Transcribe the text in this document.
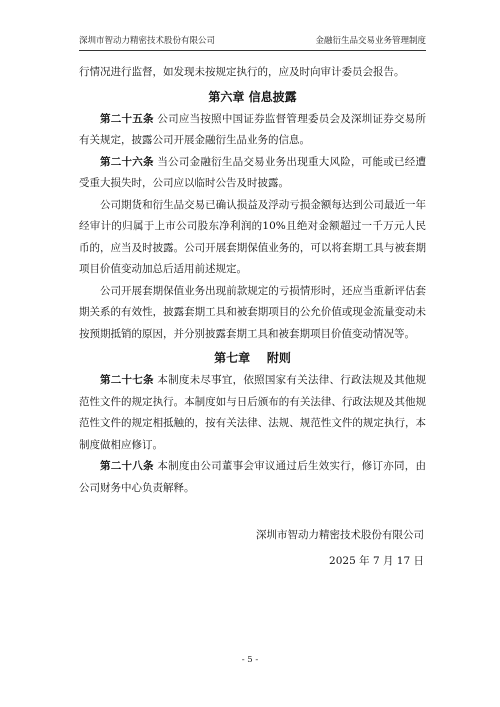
深圳市智动力精密技术股份有限公司	金融衍生品交易业务管理制度

行情况进行监督，如发现未按规定执行的，应及时向审计委员会报告。

第六章 信息披露

第二十五条 公司应当按照中国证券监督管理委员会及深圳证券交易所有关规定，披露公司开展金融衍生品业务的信息。

第二十六条 当公司金融衍生品交易业务出现重大风险，可能或已经遭受重大损失时，公司应以临时公告及时披露。

公司期货和衍生品交易已确认损益及浮动亏损金额每达到公司最近一年经审计的归属于上市公司股东净利润的10%且绝对金额超过一千万元人民币的，应当及时披露。公司开展套期保值业务的，可以将套期工具与被套期项目价值变动加总后适用前述规定。

公司开展套期保值业务出现前款规定的亏损情形时，还应当重新评估套期关系的有效性，披露套期工具和被套期项目的公允价值或现金流量变动未按预期抵销的原因，并分别披露套期工具和被套期项目价值变动情况等。

第七章    附则

第二十七条 本制度未尽事宜，依照国家有关法律、行政法规及其他规范性文件的规定执行。本制度如与日后颁布的有关法律、行政法规及其他规范性文件的规定相抵触的，按有关法律、法规、规范性文件的规定执行，本制度做相应修订。

第二十八条 本制度由公司董事会审议通过后生效实行，修订亦同，由公司财务中心负责解释。

深圳市智动力精密技术股份有限公司
2025 年 7 月 17 日
- 5 -
